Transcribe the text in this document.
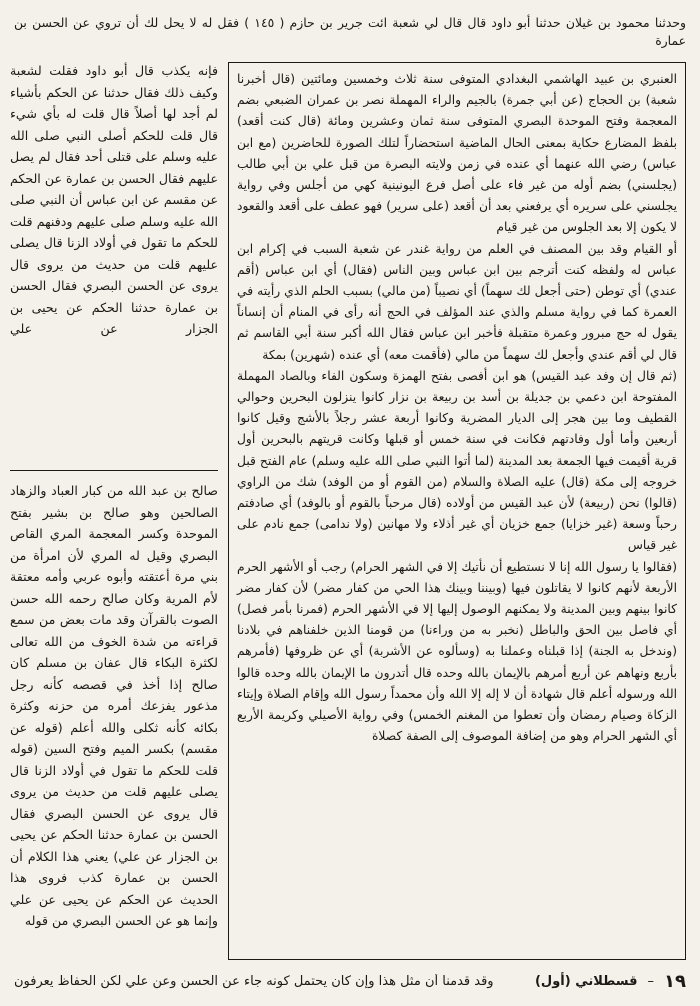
وحدثنا محمود بن غيلان حدثنا أبو داود قال قال لي شعبة ائت جرير بن حازم ( ١٤٥ ) فقل له لا يحل لك أن تروي عن الحسن بن عمارة

العنبري بن عبيد الهاشمي البغدادي المتوفى سنة ثلاث وخمسين ومائتين (قال أخبرنا شعبة) بن الحجاج (عن أبي جمرة) بالجيم والراء المهملة نصر بن عمران الضبعي بضم المعجمة وفتح الموحدة البصري المتوفى سنة ثمان وعشرين ومائة (قال كنت أقعد) بلفظ المضارع حكاية بمعنى الحال الماضية استحضاراً لتلك الصورة للحاضرين (مع ابن عباس) رضي الله عنهما أي عنده في زمن ولايته البصرة من قبل علي بن أبي طالب (يجلسني) بضم أوله من غير فاء على أصل فرع اليونينية كهي من أجلس وفي رواية يجلسني على سريره أي يرفعني بعد أن أقعد (على سرير) فهو عطف على أقعد والقعود لا يكون إلا بعد الجلوس من غير قيام

أو القيام وقد بين المصنف في العلم من رواية غندر عن شعبة السبب في إكرام ابن عباس له ولفظه كنت أترجم بين ابن عباس وبين الناس (فقال) أي ابن عباس (أقم عندي) أي توطن (حتى أجعل لك سهماً) أي نصيباً (من مالي) بسبب الحلم الذي رأيته في العمرة كما في رواية مسلم والذي عند المؤلف في الحج أنه رأى في المنام أن إنساناً يقول له حج مبرور وعمرة متقبلة فأخبر ابن عباس فقال الله أكبر سنة أبي القاسم ثم قال لي أقم عندي وأجعل لك سهماً من مالي (فأقمت معه) أي عنده (شهرين) بمكة

(ثم قال إن وفد عبد القيس) هو ابن أفصى بفتح الهمزة وسكون الفاء وبالصاد المهملة المفتوحة ابن دعمي بن جديلة بن أسد بن ربيعة بن نزار كانوا ينزلون البحرين وحوالي القطيف وما بين هجر إلى الديار المضرية وكانوا أربعة عشر رجلاً بالأشج وقيل كانوا أربعين وأما أول وفادتهم فكانت في سنة خمس أو قبلها وكانت قريتهم بالبحرين أول قرية أقيمت فيها الجمعة بعد المدينة (لما أتوا النبي صلى الله عليه وسلم) عام الفتح قبل خروجه إلى مكة (قال) عليه الصلاة والسلام (من القوم أو من الوفد) شك من الراوي (قالوا) نحن (ربيعة) لأن عبد القيس من أولاده (قال مرحباً بالقوم أو بالوفد) أي صادفتم رحباً وسعة (غير خزايا) جمع خزيان أي غير أذلاء ولا مهانين (ولا ندامى) جمع نادم على غير قياس

(فقالوا يا رسول الله إنا لا نستطيع أن نأتيك إلا في الشهر الحرام) رجب أو الأشهر الحرم الأربعة لأنهم كانوا لا يقاتلون فيها (وبيننا وبينك هذا الحي من كفار مضر) لأن كفار مضر كانوا بينهم وبين المدينة ولا يمكنهم الوصول إليها إلا في الأشهر الحرم (فمرنا بأمر فصل) أي فاصل بين الحق والباطل (نخبر به من وراءنا) من قومنا الذين خلفناهم في بلادنا (وندخل به الجنة) إذا قبلناه وعملنا به (وسألوه عن الأشربة) أي عن ظروفها (فأمرهم بأربع ونهاهم عن أربع أمرهم بالإيمان بالله وحده قال أتدرون ما الإيمان بالله وحده قالوا الله ورسوله أعلم قال شهادة أن لا إله إلا الله وأن محمداً رسول الله وإقام الصلاة وإيتاء الزكاة وصيام رمضان وأن تعطوا من المغنم الخمس) وفي رواية الأصيلي وكريمة الأربع أي الشهر الحرام وهو من إضافة الموصوف إلى الصفة كصلاة

فإنه يكذب قال أبو داود فقلت لشعبة وكيف ذلك فقال حدثنا عن الحكم بأشياء لم أجد لها أصلاً قال قلت له بأي شيء قال قلت للحكم أصلى النبي صلى الله عليه وسلم على قتلى أحد فقال لم يصل عليهم فقال الحسن بن عمارة عن الحكم عن مقسم عن ابن عباس أن النبي صلى الله عليه وسلم صلى عليهم ودفنهم قلت للحكم ما تقول في أولاد الزنا قال يصلى عليهم قلت من حديث من يروى قال يروى عن الحسن البصري فقال الحسن بن عمارة حدثنا الحكم عن يحيى بن الجزار عن علي

صالح بن عبد الله من كبار العباد والزهاد الصالحين وهو صالح بن بشير بفتح الموحدة وكسر المعجمة المري القاص البصري وقيل له المري لأن امرأة من بني مرة أعتقته وأبوه عربي وأمه معتقة لأم المرية وكان صالح رحمه الله حسن الصوت بالقرآن وقد مات بعض من سمع قراءته من شدة الخوف من الله تعالى لكثرة البكاء قال عفان بن مسلم كان صالح إذا أخذ في قصصه كأنه رجل مذعور يفزعك أمره من حزنه وكثرة بكائه كأنه ثكلى والله أعلم (قوله عن مقسم) بكسر الميم وفتح السين (قوله قلت للحكم ما تقول في أولاد الزنا قال يصلى عليهم قلت من حديث من يروى قال يروى عن الحسن البصري فقال الحسن بن عمارة حدثنا الحكم عن يحيى بن الجزار عن علي) يعني هذا الكلام أن الحسن بن عمارة كذب فروى هذا الحديث عن الحكم عن يحيى عن علي وإنما هو عن الحسن البصري من قوله

١٩
–
قسطلاني (أول)
وقد قدمنا أن مثل هذا وإن كان يحتمل كونه جاء عن الحسن وعن علي لكن الحفاظ يعرفون
